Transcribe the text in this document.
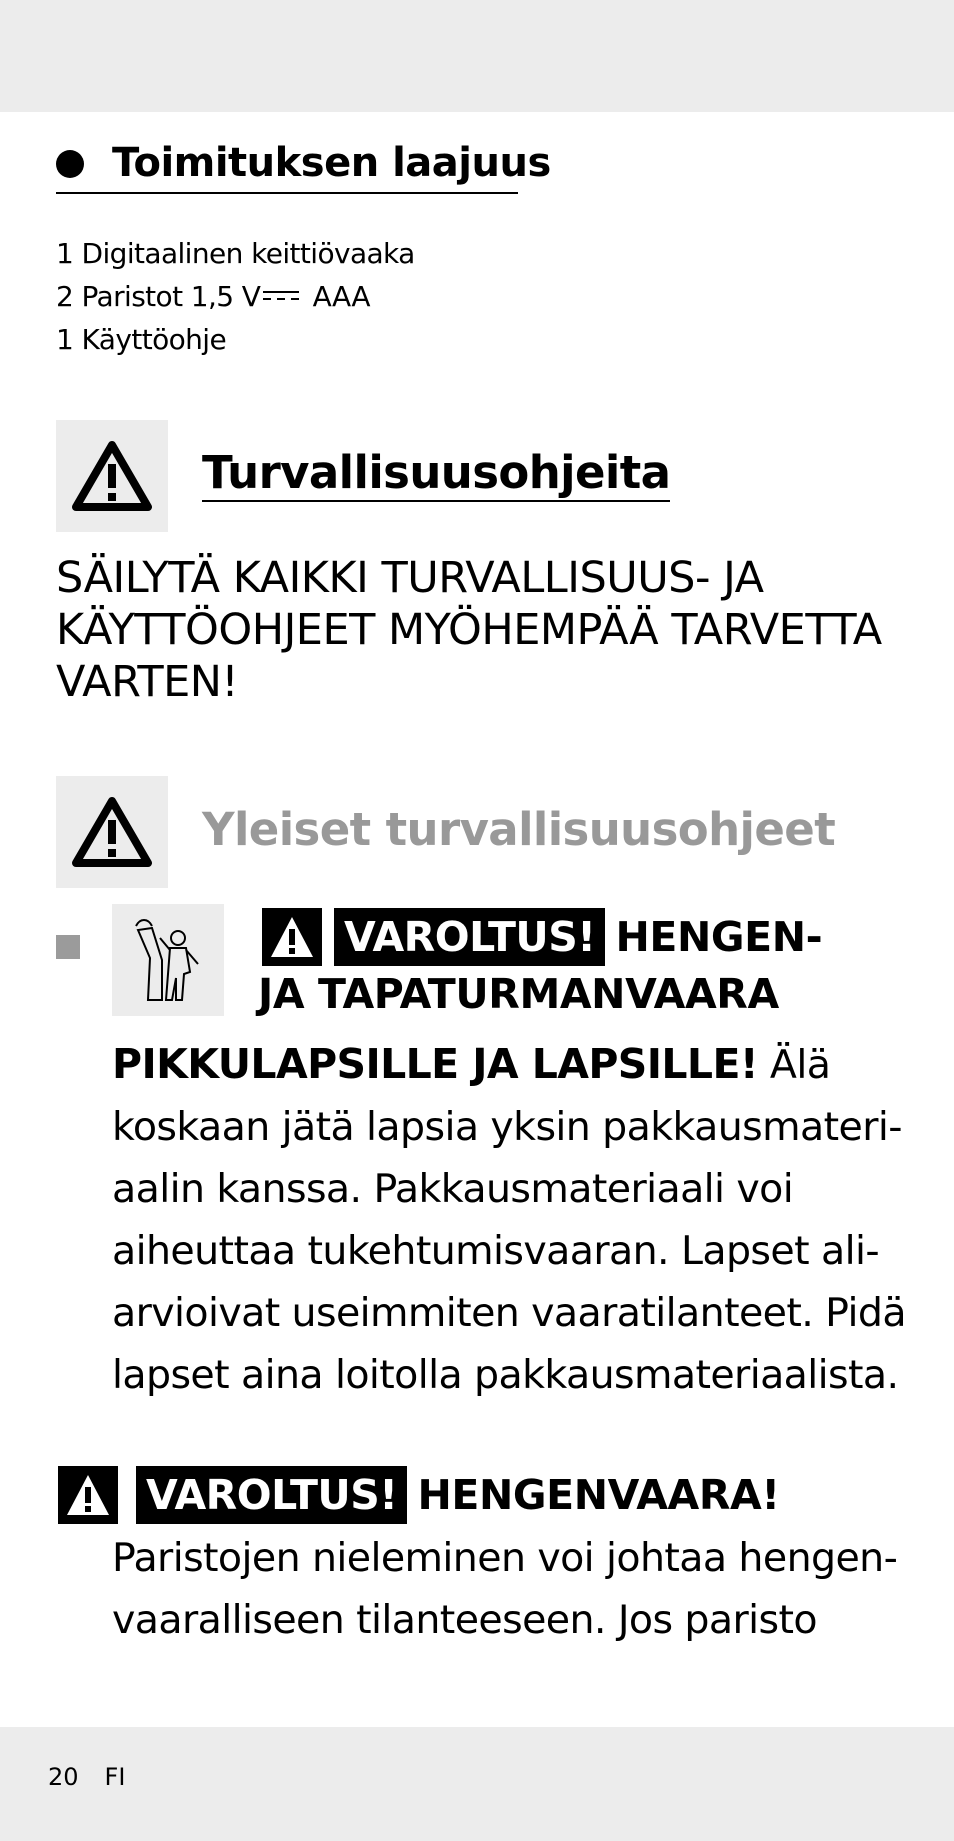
Toimituksen laajuus
1 Digitaalinen keittiövaaka
2 Paristot 1,5 V AAA
1 Käyttöohje
Turvallisuusohjeita
SÄILYTÄ KAIKKI TURVALLISUUS- JA KÄYTTÖOHJEET MYÖHEMPÄÄ TARVETTA VARTEN!
Yleiset turvallisuusohjeet
VAROLTUS! HENGEN-
JA TAPATURMANVAARA
PIKKULAPSILLE JA LAPSILLE! Älä koskaan jätä lapsia yksin pakkausmateriaalin kanssa. Pakkausmateriaali voi aiheuttaa tukehtumisvaaran. Lapset aliarvioivat useimmiten vaaratilanteet. Pidä lapset aina loitolla pakkausmateriaalista.
VAROLTUS! HENGENVAARA!
Paristojen nieleminen voi johtaa hengenvaaralliseen tilanteeseen. Jos paristo
20 FI
